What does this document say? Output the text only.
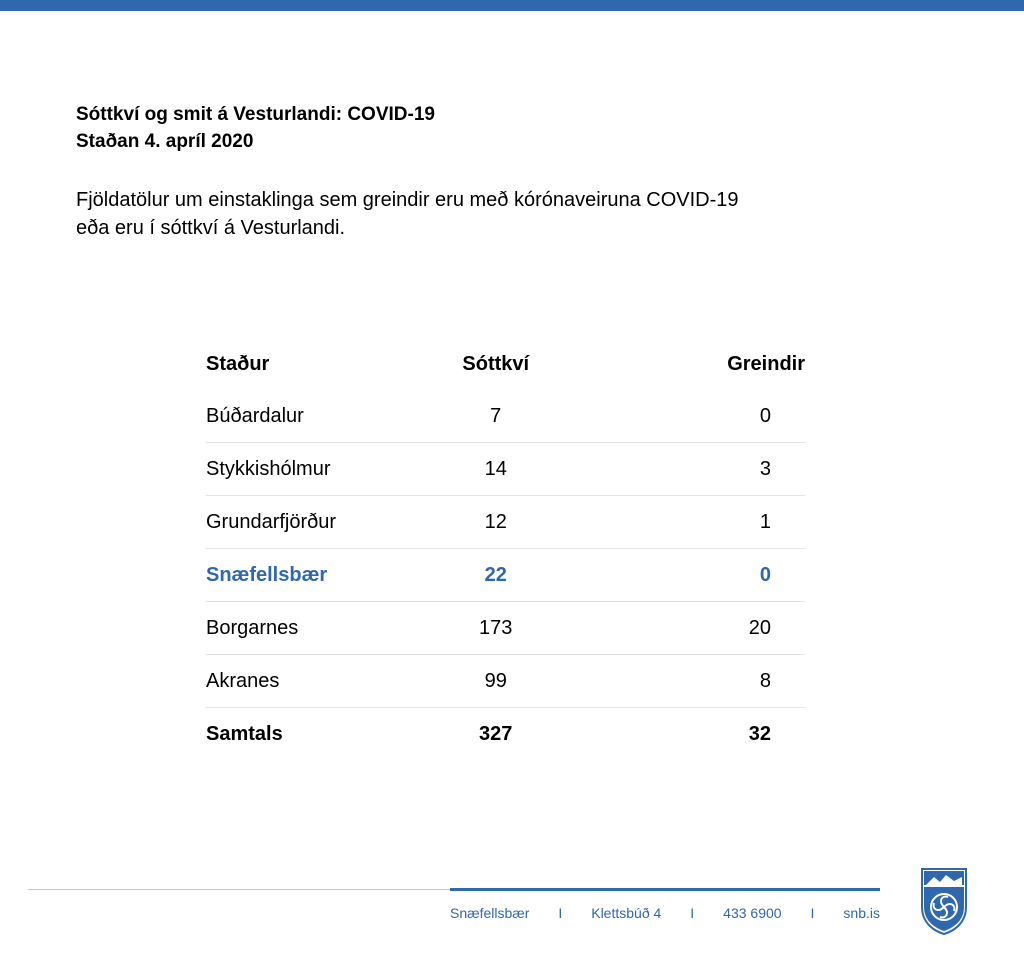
Sóttkví og smit á Vesturlandi: COVID-19
Staðan 4. apríl 2020
Fjöldatölur um einstaklinga sem greindir eru með kórónaveiruna COVID-19
eða eru í sóttkví á Vesturlandi.
Staður	Sóttkví	Greindir
Búðardalur	7	0
Stykkishólmur	14	3
Grundarfjörður	12	1
Snæfellsbær	22	0
Borgarnes	173	20
Akranes	99	8
Samtals	327	32
Snæfellsbær I Klettsbúð 4 I 433 6900 I snb.is
